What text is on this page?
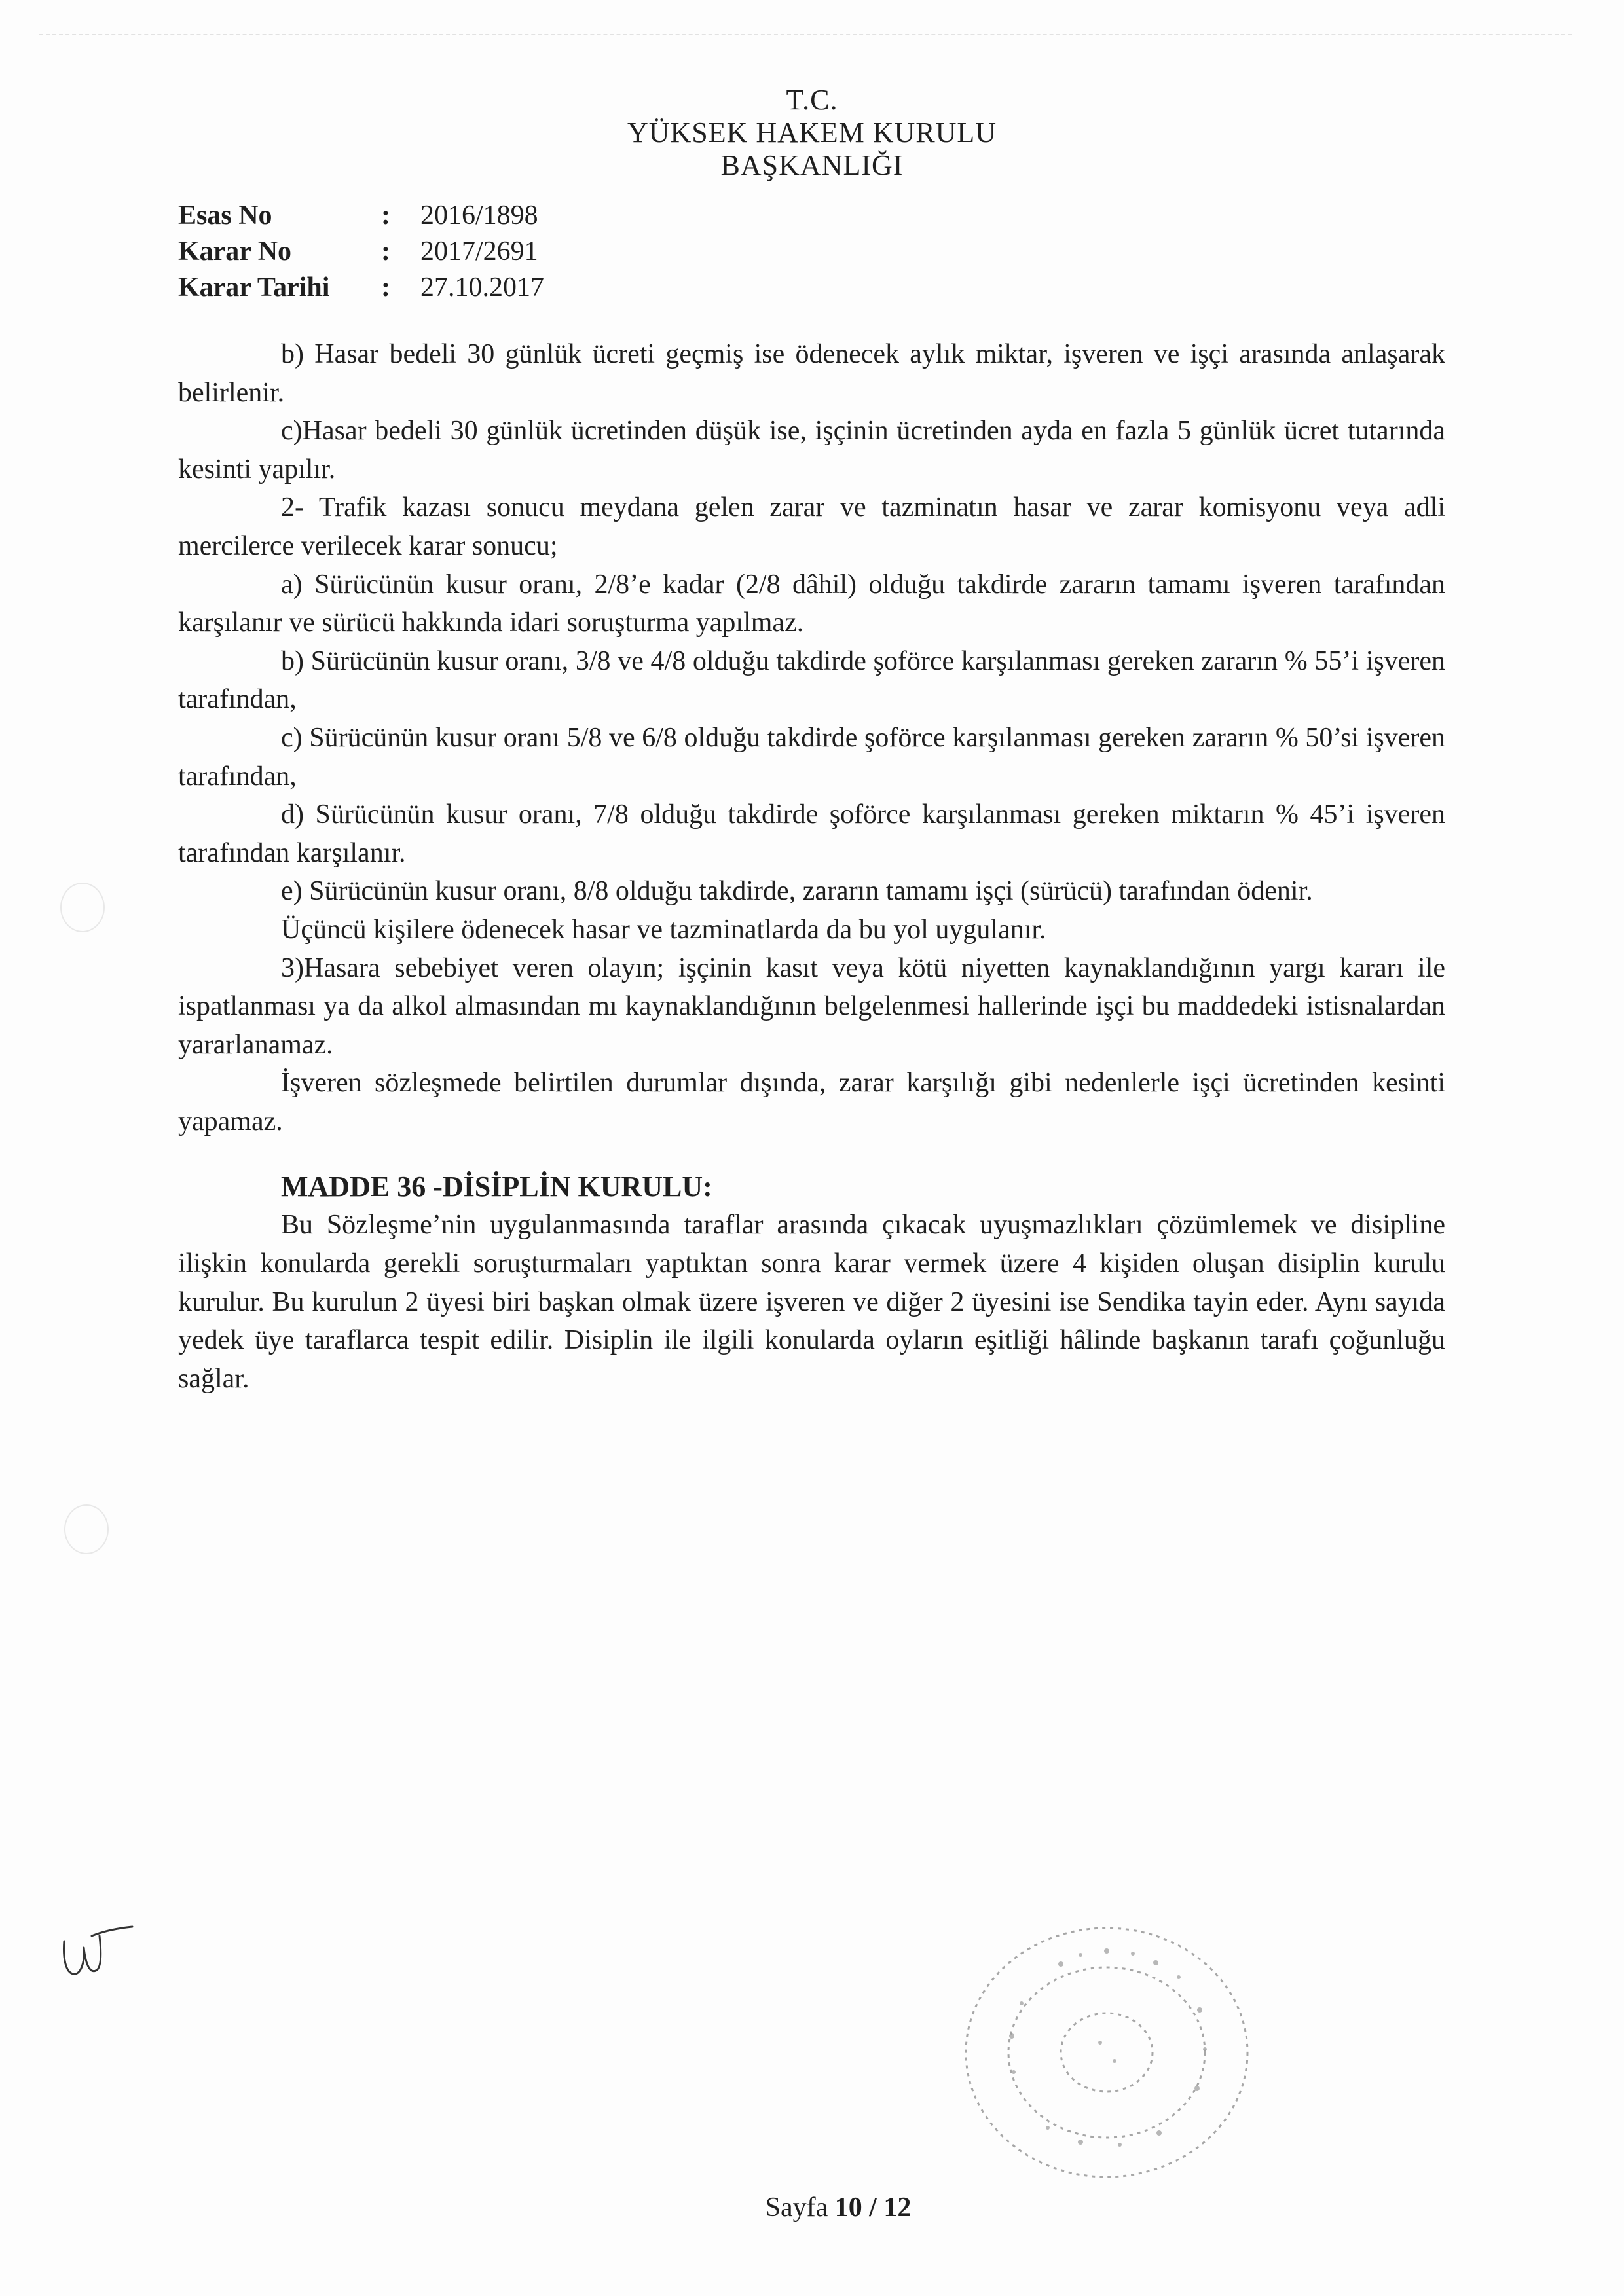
T.C.
YÜKSEK HAKEM KURULU
BAŞKANLIĞI
Esas No	:	2016/1898
Karar No	:	2017/2691
Karar Tarihi	:	27.10.2017

b) Hasar bedeli 30 günlük ücreti geçmiş ise ödenecek aylık miktar, işveren ve işçi arasında anlaşarak belirlenir.

c)Hasar bedeli 30 günlük ücretinden düşük ise, işçinin ücretinden ayda en fazla 5 günlük ücret tutarında kesinti yapılır.

2- Trafik kazası sonucu meydana gelen zarar ve tazminatın hasar ve zarar komisyonu veya adli mercilerce verilecek karar sonucu;

a) Sürücünün kusur oranı, 2/8’e kadar (2/8 dâhil) olduğu takdirde zararın tamamı işveren tarafından karşılanır ve sürücü hakkında idari soruşturma yapılmaz.

b) Sürücünün kusur oranı, 3/8 ve 4/8 olduğu takdirde şoförce karşılanması gereken zararın % 55’i işveren tarafından,

c) Sürücünün kusur oranı 5/8 ve 6/8 olduğu takdirde şoförce karşılanması gereken zararın % 50’si işveren tarafından,

d) Sürücünün kusur oranı, 7/8 olduğu takdirde şoförce karşılanması gereken miktarın % 45’i işveren tarafından karşılanır.

e) Sürücünün kusur oranı, 8/8 olduğu takdirde, zararın tamamı işçi (sürücü) tarafından ödenir.

Üçüncü kişilere ödenecek hasar ve tazminatlarda da bu yol uygulanır.

3)Hasara sebebiyet veren olayın; işçinin kasıt veya kötü niyetten kaynaklandığının yargı kararı ile ispatlanması ya da alkol almasından mı kaynaklandığının belgelenmesi hallerinde işçi bu maddedeki istisnalardan yararlanamaz.

İşveren sözleşmede belirtilen durumlar dışında, zarar karşılığı gibi nedenlerle işçi ücretinden kesinti yapamaz.

MADDE 36 -DİSİPLİN KURULU:

Bu Sözleşme’nin uygulanmasında taraflar arasında çıkacak uyuşmazlıkları çözümlemek ve disipline ilişkin konularda gerekli soruşturmaları yaptıktan sonra karar vermek üzere 4 kişiden oluşan disiplin kurulu kurulur. Bu kurulun 2 üyesi biri başkan olmak üzere işveren ve diğer 2 üyesini ise Sendika tayin eder. Aynı sayıda yedek üye taraflarca tespit edilir. Disiplin ile ilgili konularda oyların eşitliği hâlinde başkanın tarafı çoğunluğu sağlar.

Sayfa 10 / 12
